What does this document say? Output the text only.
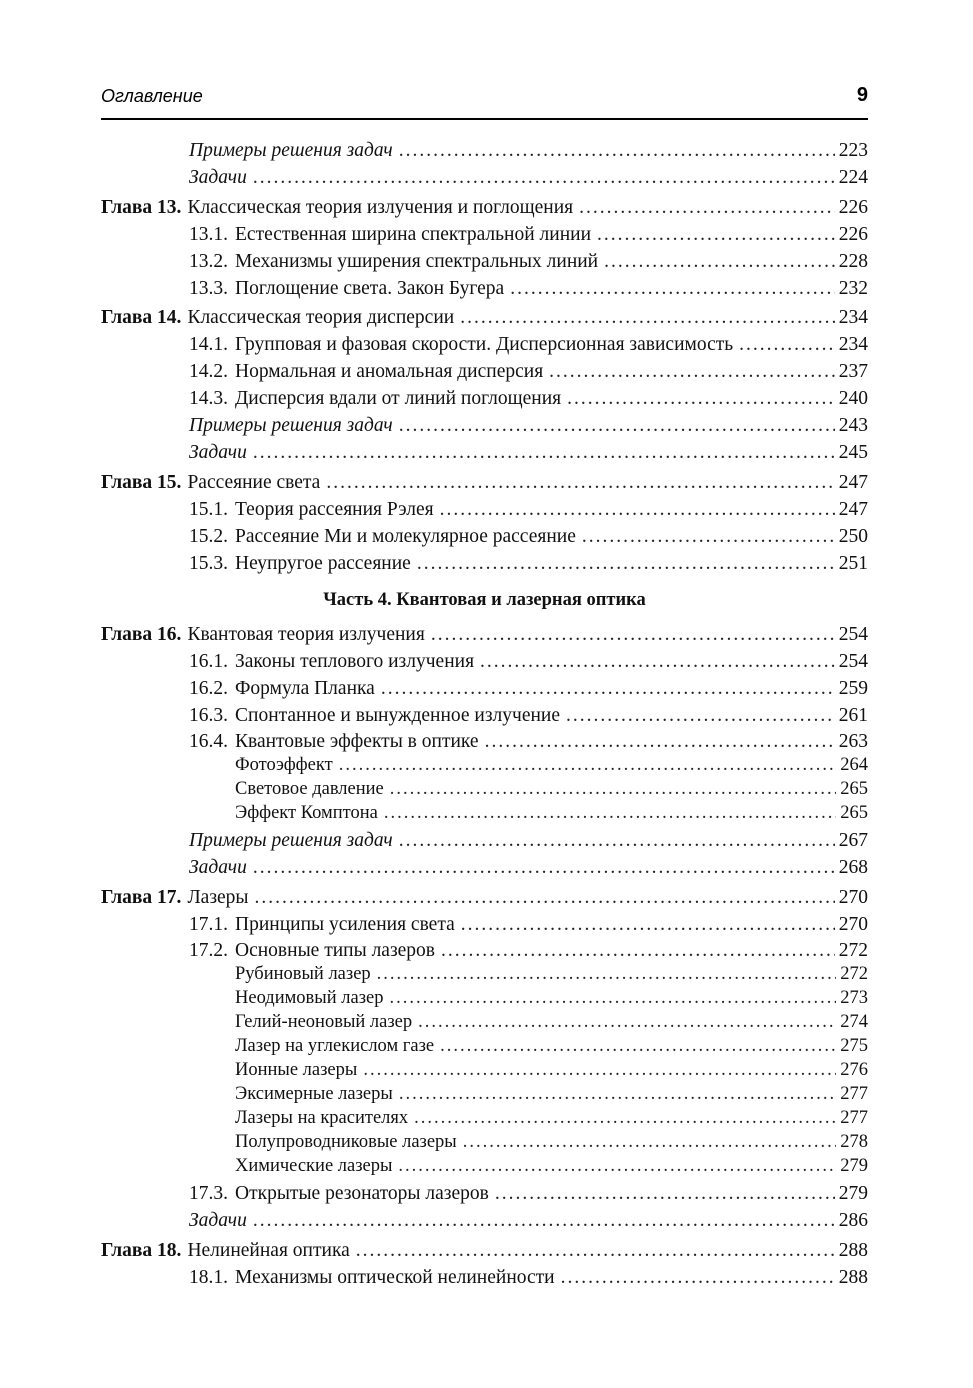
Оглавление	9
Примеры решения задач .....	223
Задачи .....	224
Глава 13. Классическая теория излучения и поглощения .....	226
13.1. Естественная ширина спектральной линии .....	226
13.2. Механизмы уширения спектральных линий .....	228
13.3. Поглощение света. Закон Бугера .....	232
Глава 14. Классическая теория дисперсии .....	234
14.1. Групповая и фазовая скорости. Дисперсионная зависимость .....	234
14.2. Нормальная и аномальная дисперсия .....	237
14.3. Дисперсия вдали от линий поглощения .....	240
Примеры решения задач .....	243
Задачи .....	245
Глава 15. Рассеяние света .....	247
15.1. Теория рассеяния Рэлея .....	247
15.2. Рассеяние Ми и молекулярное рассеяние .....	250
15.3. Неупругое рассеяние .....	251
Часть 4. Квантовая и лазерная оптика
Глава 16. Квантовая теория излучения .....	254
16.1. Законы теплового излучения .....	254
16.2. Формула Планка .....	259
16.3. Спонтанное и вынужденное излучение .....	261
16.4. Квантовые эффекты в оптике .....	263
Фотоэффект .....	264
Световое давление .....	265
Эффект Комптона .....	265
Примеры решения задач .....	267
Задачи .....	268
Глава 17. Лазеры .....	270
17.1. Принципы усиления света .....	270
17.2. Основные типы лазеров .....	272
Рубиновый лазер .....	272
Неодимовый лазер .....	273
Гелий-неоновый лазер .....	274
Лазер на углекислом газе .....	275
Ионные лазеры .....	276
Эксимерные лазеры .....	277
Лазеры на красителях .....	277
Полупроводниковые лазеры .....	278
Химические лазеры .....	279
17.3. Открытые резонаторы лазеров .....	279
Задачи .....	286
Глава 18. Нелинейная оптика .....	288
18.1. Механизмы оптической нелинейности .....	288
